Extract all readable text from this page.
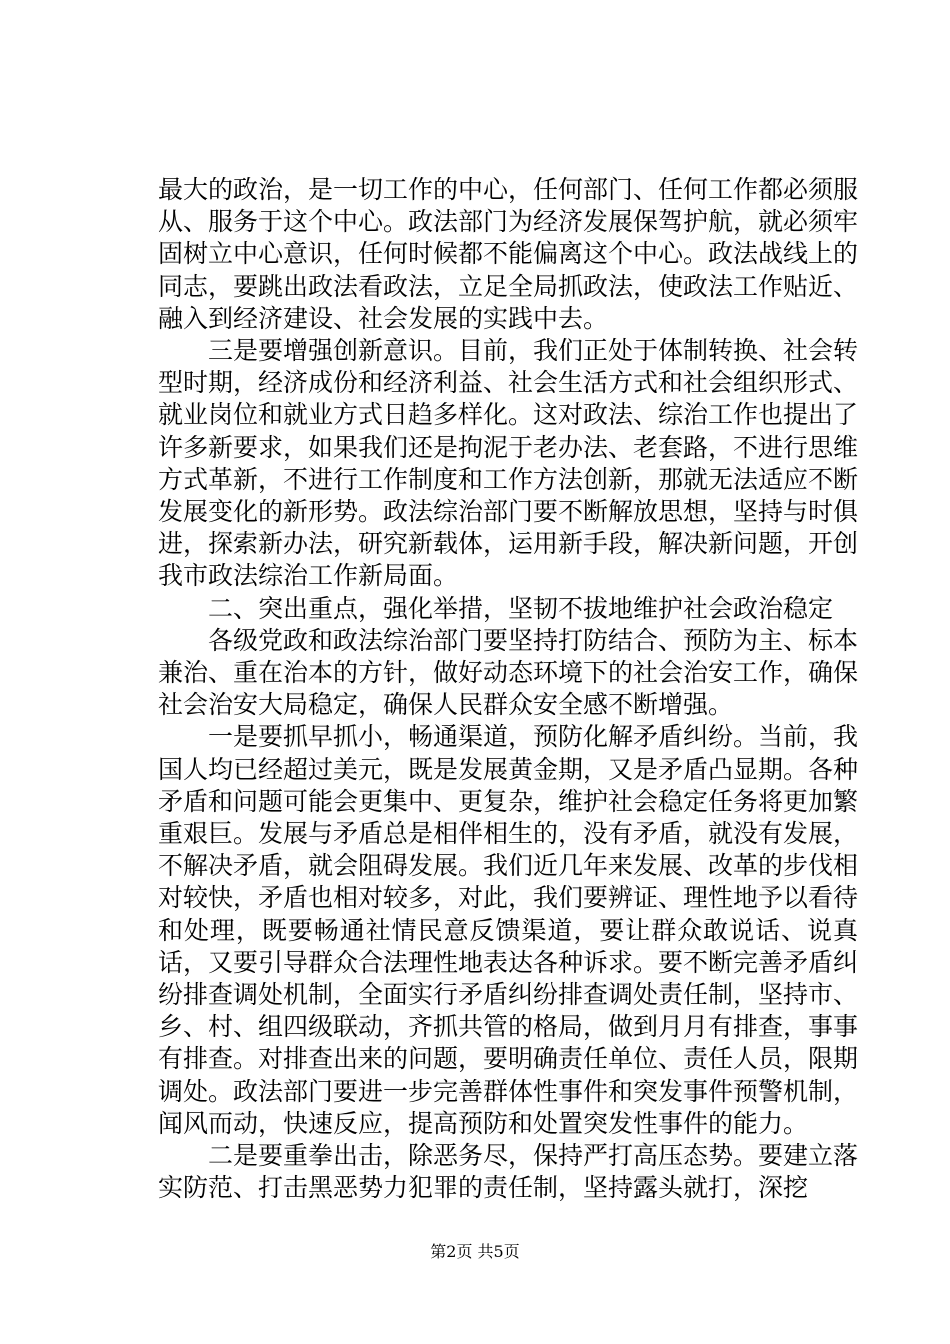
最大的政治，是一切工作的中心，任何部门、任何工作都必须服从、服务于这个中心。政法部门为经济发展保驾护航，就必须牢固树立中心意识，任何时候都不能偏离这个中心。政法战线上的同志，要跳出政法看政法，立足全局抓政法，使政法工作贴近、融入到经济建设、社会发展的实践中去。

三是要增强创新意识。目前，我们正处于体制转换、社会转型时期，经济成份和经济利益、社会生活方式和社会组织形式、就业岗位和就业方式日趋多样化。这对政法、综治工作也提出了许多新要求，如果我们还是拘泥于老办法、老套路，不进行思维方式革新，不进行工作制度和工作方法创新，那就无法适应不断发展变化的新形势。政法综治部门要不断解放思想，坚持与时俱进，探索新办法，研究新载体，运用新手段，解决新问题，开创我市政法综治工作新局面。

二、突出重点，强化举措，坚韧不拔地维护社会政治稳定

各级党政和政法综治部门要坚持打防结合、预防为主、标本兼治、重在治本的方针，做好动态环境下的社会治安工作，确保社会治安大局稳定，确保人民群众安全感不断增强。

一是要抓早抓小，畅通渠道，预防化解矛盾纠纷。当前，我国人均已经超过美元，既是发展黄金期，又是矛盾凸显期。各种矛盾和问题可能会更集中、更复杂，维护社会稳定任务将更加繁重艰巨。发展与矛盾总是相伴相生的，没有矛盾，就没有发展，不解决矛盾，就会阻碍发展。我们近几年来发展、改革的步伐相对较快，矛盾也相对较多，对此，我们要辨证、理性地予以看待和处理，既要畅通社情民意反馈渠道，要让群众敢说话、说真话，又要引导群众合法理性地表达各种诉求。要不断完善矛盾纠纷排查调处机制，全面实行矛盾纠纷排查调处责任制，坚持市、乡、村、组四级联动，齐抓共管的格局，做到月月有排查，事事有排查。对排查出来的问题，要明确责任单位、责任人员，限期调处。政法部门要进一步完善群体性事件和突发事件预警机制，闻风而动，快速反应，提高预防和处置突发性事件的能力。

二是要重拳出击，除恶务尽，保持严打高压态势。要建立落实防范、打击黑恶势力犯罪的责任制，坚持露头就打，深挖

第2页 共5页
